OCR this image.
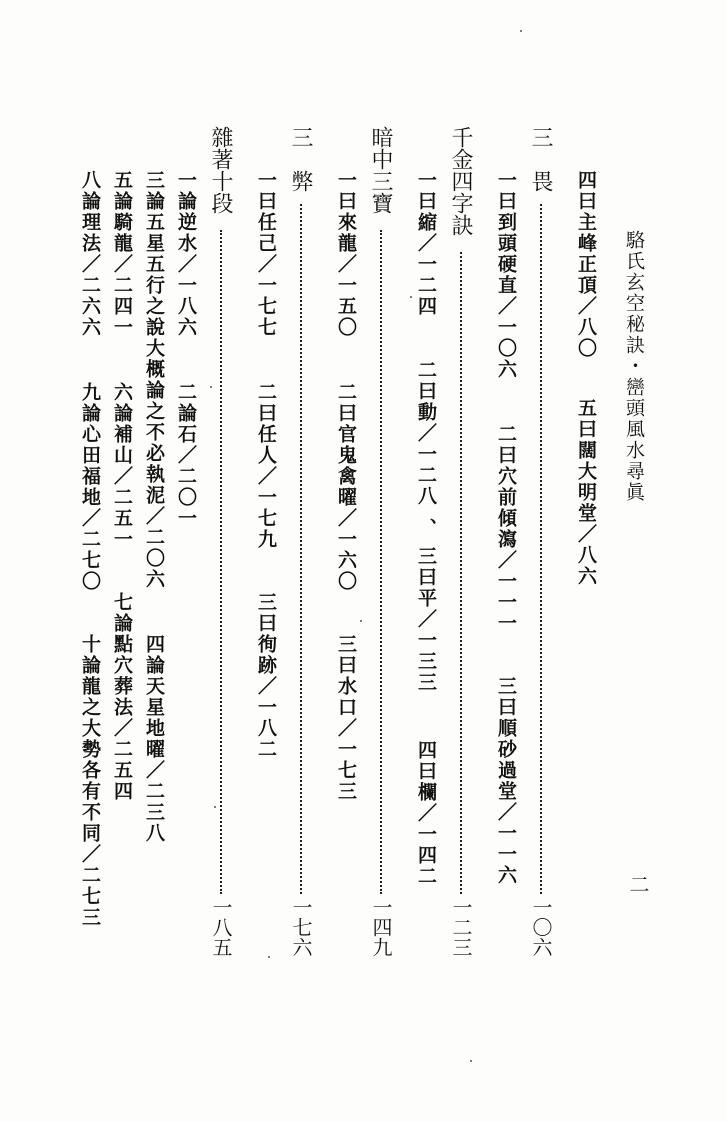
駱氏玄空秘訣・巒頭風水尋眞
二
四曰主峰正頂／八〇
五曰闊大明堂／八六
三　畏
一〇六
一曰到頭硬直／一〇六
二曰穴前傾瀉／一一一
三曰順砂過堂／一一六
千金四字訣
一二三
一曰縮／一二四
二曰動／一二八
、
三曰平／一三三
四曰欄／一四二
暗中三寶
一四九
一曰來龍／一五〇
二曰官鬼禽曜／一六〇
三曰水口／一七三
三　弊
一七六
一曰任己／一七七
二曰任人／一七九
三曰徇跡／一八二
雜著十段
一八五
一論逆水／一八六
二論石／二〇一
三論五星五行之說大概論之不必執泥／二〇六
四論天星地曜／二三八
五論騎龍／二四一
六論補山／二五一
七論點穴葬法／二五四
八論理法／二六六
九論心田福地／二七〇
十論龍之大勢各有不同／二七三
